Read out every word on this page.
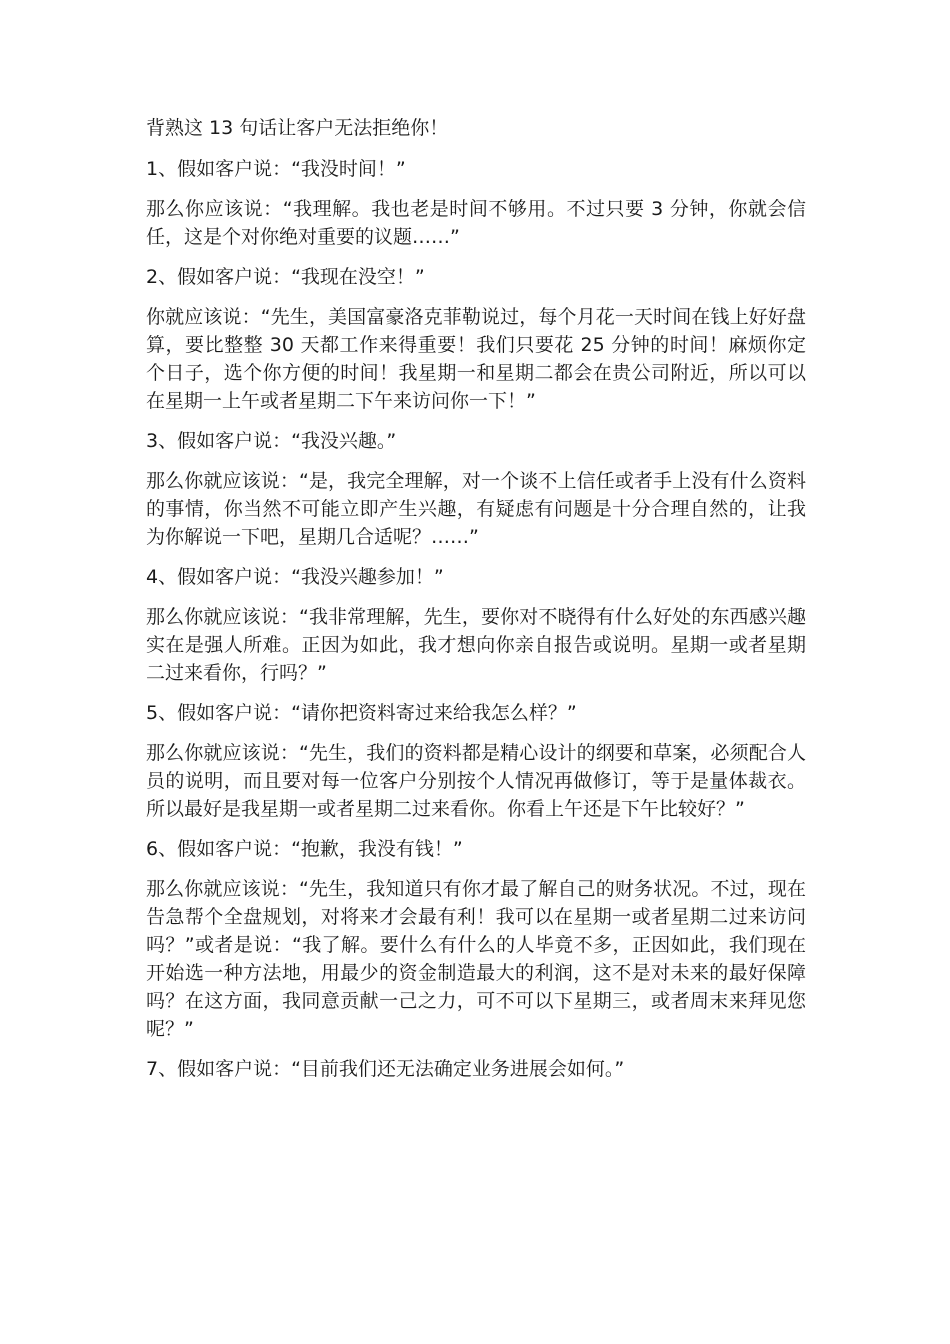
背熟这 13 句话让客户无法拒绝你！

1、假如客户说：“我没时间！”

那么你应该说：“我理解。我也老是时间不够用。不过只要 3 分钟，你就会信任，这是个对你绝对重要的议题……”

2、假如客户说：“我现在没空！”

你就应该说：“先生，美国富豪洛克菲勒说过，每个月花一天时间在钱上好好盘算，要比整整 30 天都工作来得重要！我们只要花 25 分钟的时间！麻烦你定个日子，选个你方便的时间！我星期一和星期二都会在贵公司附近，所以可以在星期一上午或者星期二下午来访问你一下！”

3、假如客户说：“我没兴趣。”

那么你就应该说：“是，我完全理解，对一个谈不上信任或者手上没有什么资料的事情，你当然不可能立即产生兴趣，有疑虑有问题是十分合理自然的，让我为你解说一下吧，星期几合适呢？……”

4、假如客户说：“我没兴趣参加！”

那么你就应该说：“我非常理解，先生，要你对不晓得有什么好处的东西感兴趣实在是强人所难。正因为如此，我才想向你亲自报告或说明。星期一或者星期二过来看你，行吗？”

5、假如客户说：“请你把资料寄过来给我怎么样？”

那么你就应该说：“先生，我们的资料都是精心设计的纲要和草案，必须配合人员的说明，而且要对每一位客户分别按个人情况再做修订，等于是量体裁衣。所以最好是我星期一或者星期二过来看你。你看上午还是下午比较好？”

6、假如客户说：“抱歉，我没有钱！”

那么你就应该说：“先生，我知道只有你才最了解自己的财务状况。不过，现在告急帮个全盘规划，对将来才会最有利！我可以在星期一或者星期二过来访问吗？”或者是说：“我了解。要什么有什么的人毕竟不多，正因如此，我们现在开始选一种方法地，用最少的资金制造最大的利润，这不是对未来的最好保障吗？在这方面，我同意贡献一己之力，可不可以下星期三，或者周末来拜见您呢？”

7、假如客户说：“目前我们还无法确定业务进展会如何。”
